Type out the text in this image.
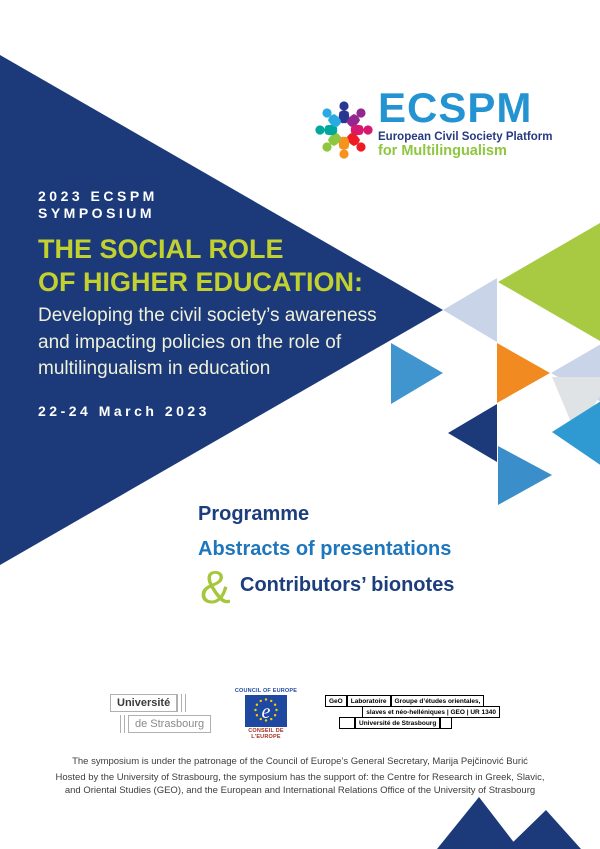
ECSPM
European Civil Society Platform
for Multilingualism
2023 ECSPM
SYMPOSIUM
THE SOCIAL ROLE
OF HIGHER EDUCATION:
Developing the civil society’s awareness
and impacting policies on the role of
multilingualism in education
22-24 March 2023
Programme
Abstracts of presentations
& Contributors’ bionotes
Université
de Strasbourg
COUNCIL OF EUROPE
e
CONSEIL DE L'EUROPE
GeO	Laboratoire	Groupe d’études orientales,
slaves et néo-helléniques | GEO | UR 1340
Université de Strasbourg
The symposium is under the patronage of the Council of Europe’s General Secretary, Marija Pejčinović Burić
Hosted by the University of Strasbourg, the symposium has the support of: the Centre for Research in Greek, Slavic,
and Oriental Studies (GEO), and the European and International Relations Office of the University of Strasbourg
